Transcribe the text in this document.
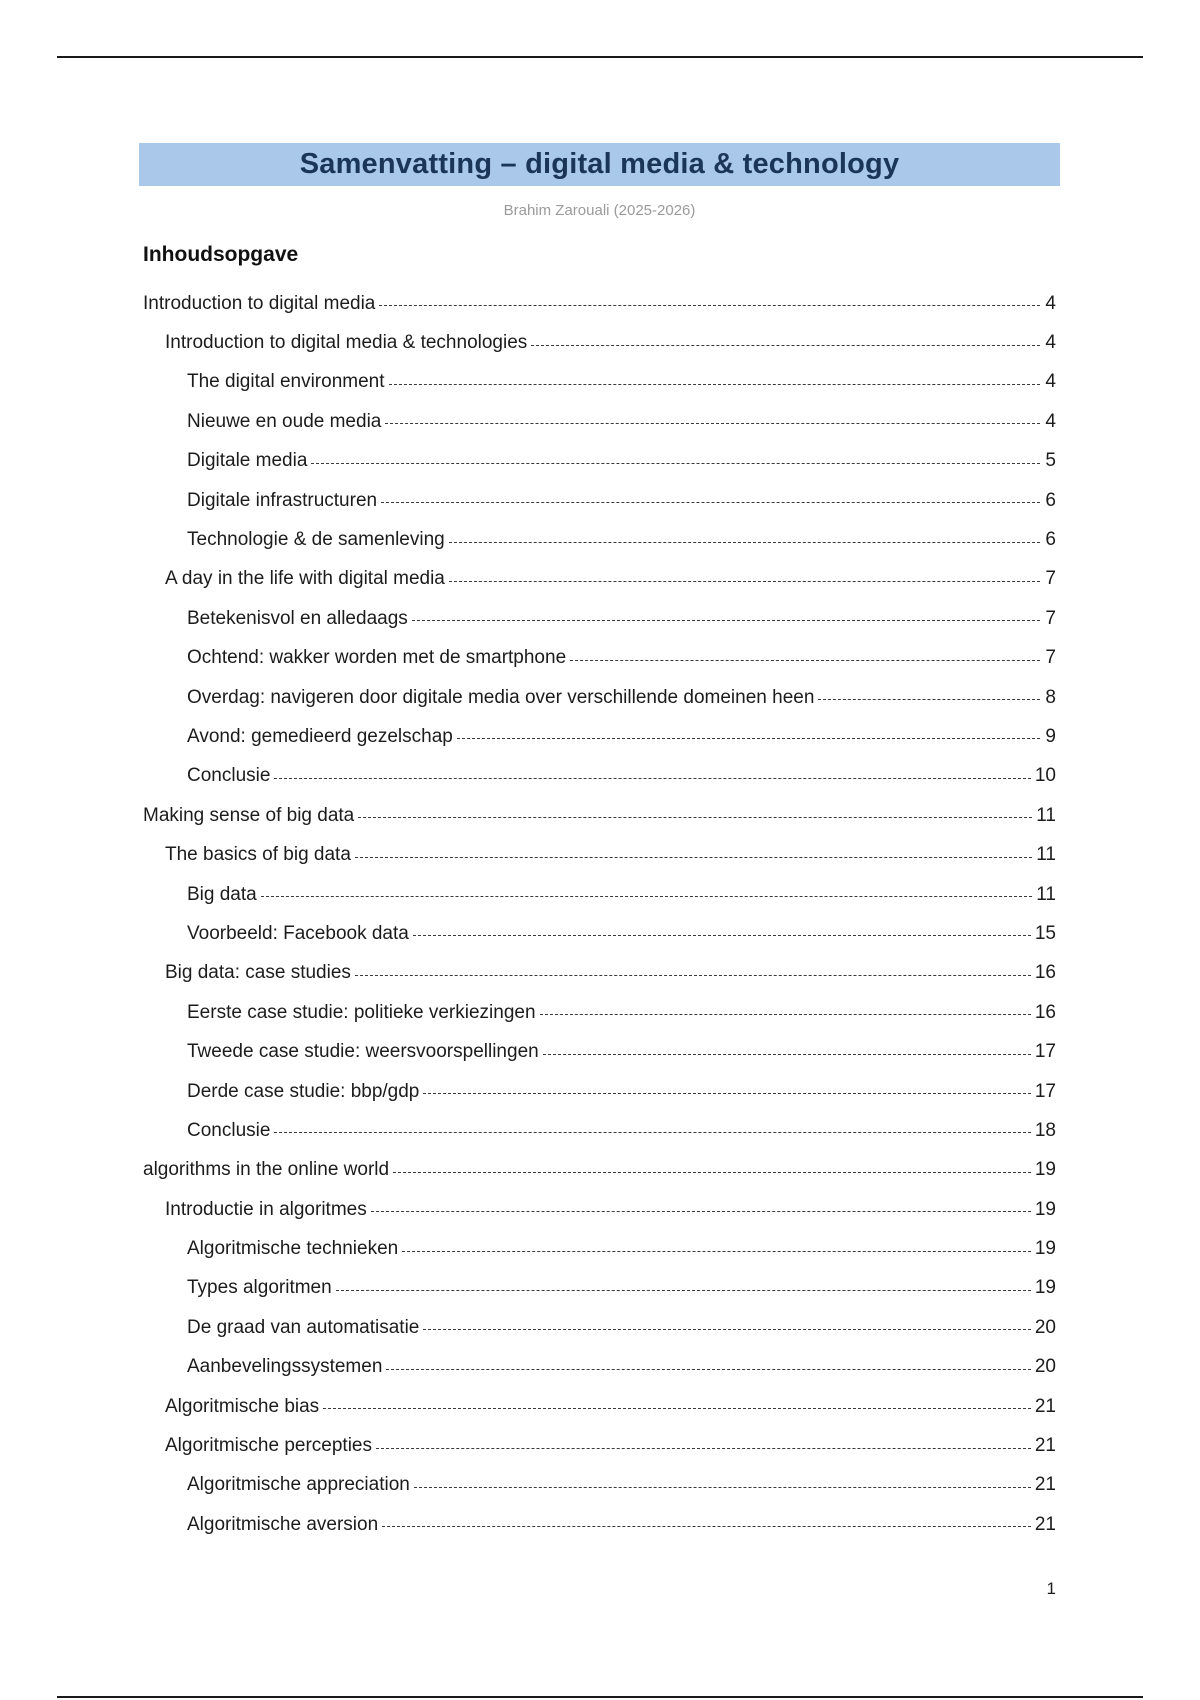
Samenvatting – digital media & technology
Brahim Zarouali (2025-2026)
Inhoudsopgave
Introduction to digital media	4
Introduction to digital media & technologies	4
The digital environment	4
Nieuwe en oude media	4
Digitale media	5
Digitale infrastructuren	6
Technologie & de samenleving	6
A day in the life with digital media	7
Betekenisvol en alledaags	7
Ochtend: wakker worden met de smartphone	7
Overdag: navigeren door digitale media over verschillende domeinen heen	8
Avond: gemedieerd gezelschap	9
Conclusie	10
Making sense of big data	11
The basics of big data	11
Big data	11
Voorbeeld: Facebook data	15
Big data: case studies	16
Eerste case studie: politieke verkiezingen	16
Tweede case studie: weersvoorspellingen	17
Derde case studie: bbp/gdp	17
Conclusie	18
algorithms in the online world	19
Introductie in algoritmes	19
Algoritmische technieken	19
Types algoritmen	19
De graad van automatisatie	20
Aanbevelingssystemen	20
Algoritmische bias	21
Algoritmische percepties	21
Algoritmische appreciation	21
Algoritmische aversion	21
1
